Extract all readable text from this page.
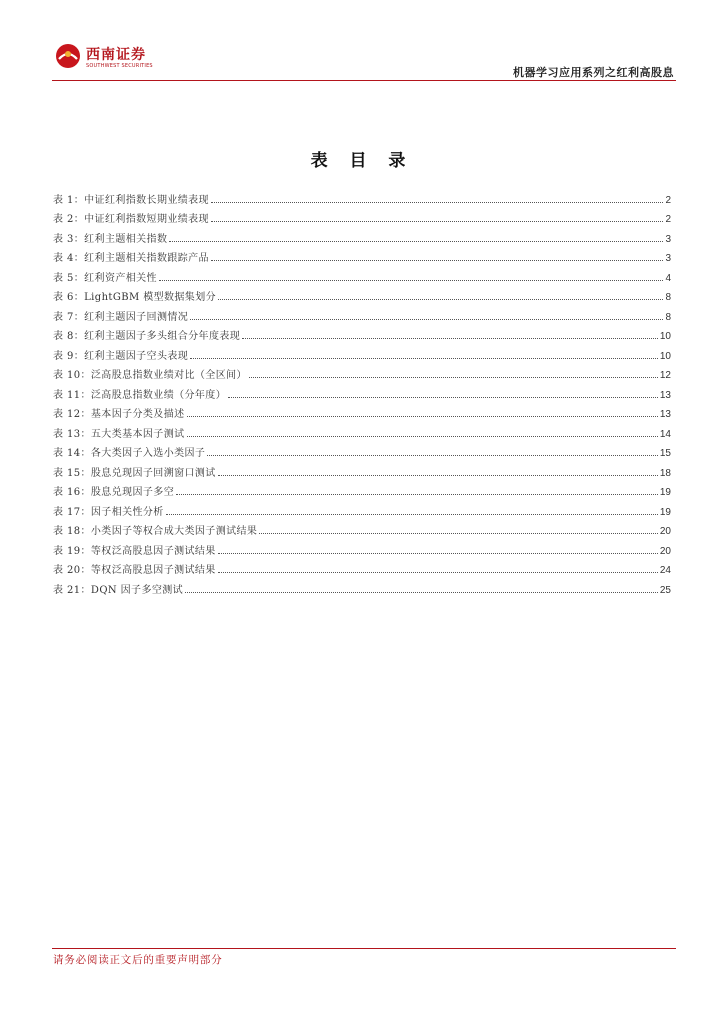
西南证券
SOUTHWEST SECURITIES	机器学习应用系列之红利高股息
表 目 录
表 1：中证红利指数长期业绩表现	2
表 2：中证红利指数短期业绩表现	2
表 3：红利主题相关指数	3
表 4：红利主题相关指数跟踪产品	3
表 5：红利资产相关性	4
表 6：LightGBM 模型数据集划分	8
表 7：红利主题因子回测情况	8
表 8：红利主题因子多头组合分年度表现	10
表 9：红利主题因子空头表现	10
表 10：泛高股息指数业绩对比（全区间）	12
表 11：泛高股息指数业绩（分年度）	13
表 12：基本因子分类及描述	13
表 13：五大类基本因子测试	14
表 14：各大类因子入选小类因子	15
表 15：股息兑现因子回溯窗口测试	18
表 16：股息兑现因子多空	19
表 17：因子相关性分析	19
表 18：小类因子等权合成大类因子测试结果	20
表 19：等权泛高股息因子测试结果	20
表 20：等权泛高股息因子测试结果	24
表 21：DQN 因子多空测试	25
请务必阅读正文后的重要声明部分
